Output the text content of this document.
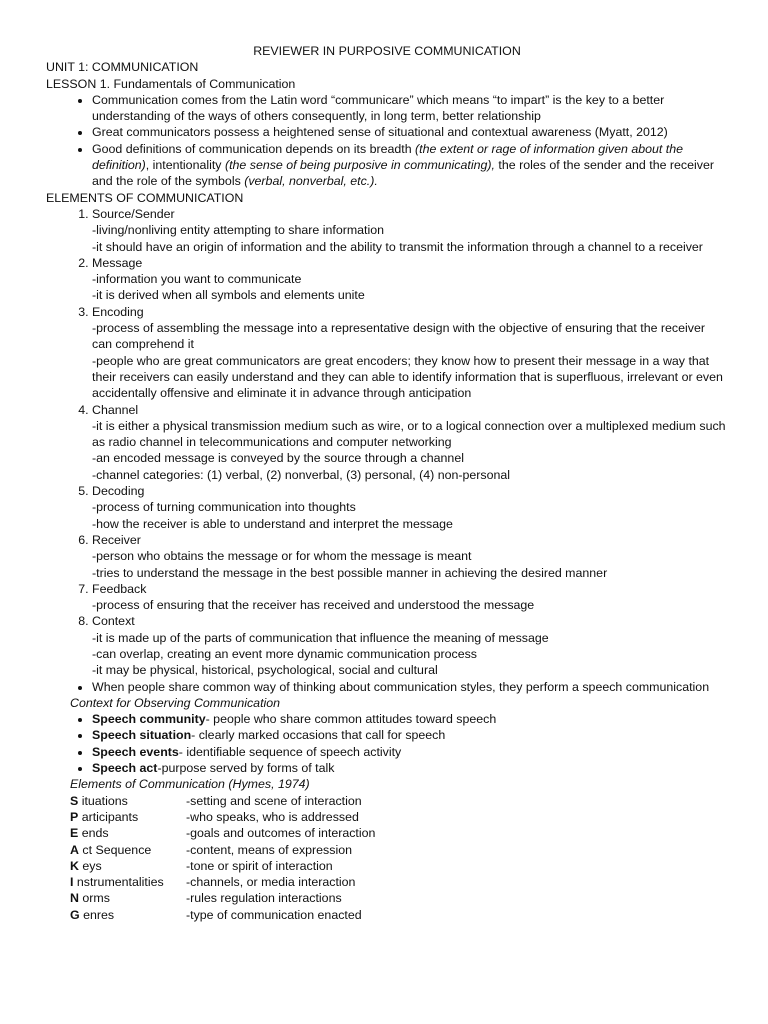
REVIEWER IN PURPOSIVE COMMUNICATION
UNIT 1: COMMUNICATION
LESSON 1. Fundamentals of Communication
• Communication comes from the Latin word “communicare” which means “to impart” is the key to a better understanding of the ways of others consequently, in long term, better relationship
• Great communicators possess a heightened sense of situational and contextual awareness (Myatt, 2012)
• Good definitions of communication depends on its breadth (the extent or rage of information given about the definition), intentionality (the sense of being purposive in communicating), the roles of the sender and the receiver and the role of the symbols (verbal, nonverbal, etc.).
ELEMENTS OF COMMUNICATION
1. Source/Sender
-living/nonliving entity attempting to share information
-it should have an origin of information and the ability to transmit the information through a channel to a receiver
2. Message
-information you want to communicate
-it is derived when all symbols and elements unite
3. Encoding
-process of assembling the message into a representative design with the objective of ensuring that the receiver can comprehend it
-people who are great communicators are great encoders; they know how to present their message in a way that their receivers can easily understand and they can able to identify information that is superfluous, irrelevant or even accidentally offensive and eliminate it in advance through anticipation
4. Channel
-it is either a physical transmission medium such as wire, or to a logical connection over a multiplexed medium such as radio channel in telecommunications and computer networking
-an encoded message is conveyed by the source through a channel
-channel categories: (1) verbal, (2) nonverbal, (3) personal, (4) non-personal
5. Decoding
-process of turning communication into thoughts
-how the receiver is able to understand and interpret the message
6. Receiver
-person who obtains the message or for whom the message is meant
-tries to understand the message in the best possible manner in achieving the desired manner
7. Feedback
-process of ensuring that the receiver has received and understood the message
8. Context
-it is made up of the parts of communication that influence the meaning of message
-can overlap, creating an event more dynamic communication process
-it may be physical, historical, psychological, social and cultural
• When people share common way of thinking about communication styles, they perform a speech communication
Context for Observing Communication
• Speech community- people who share common attitudes toward speech
• Speech situation- clearly marked occasions that call for speech
• Speech events- identifiable sequence of speech activity
• Speech act-purpose served by forms of talk
Elements of Communication (Hymes, 1974)
S ituations	-setting and scene of interaction
P articipants	-who speaks, who is addressed
E ends	-goals and outcomes of interaction
A ct Sequence	-content, means of expression
K eys	-tone or spirit of interaction
I nstrumentalities	-channels, or media interaction
N orms	-rules regulation interactions
G enres	-type of communication enacted
